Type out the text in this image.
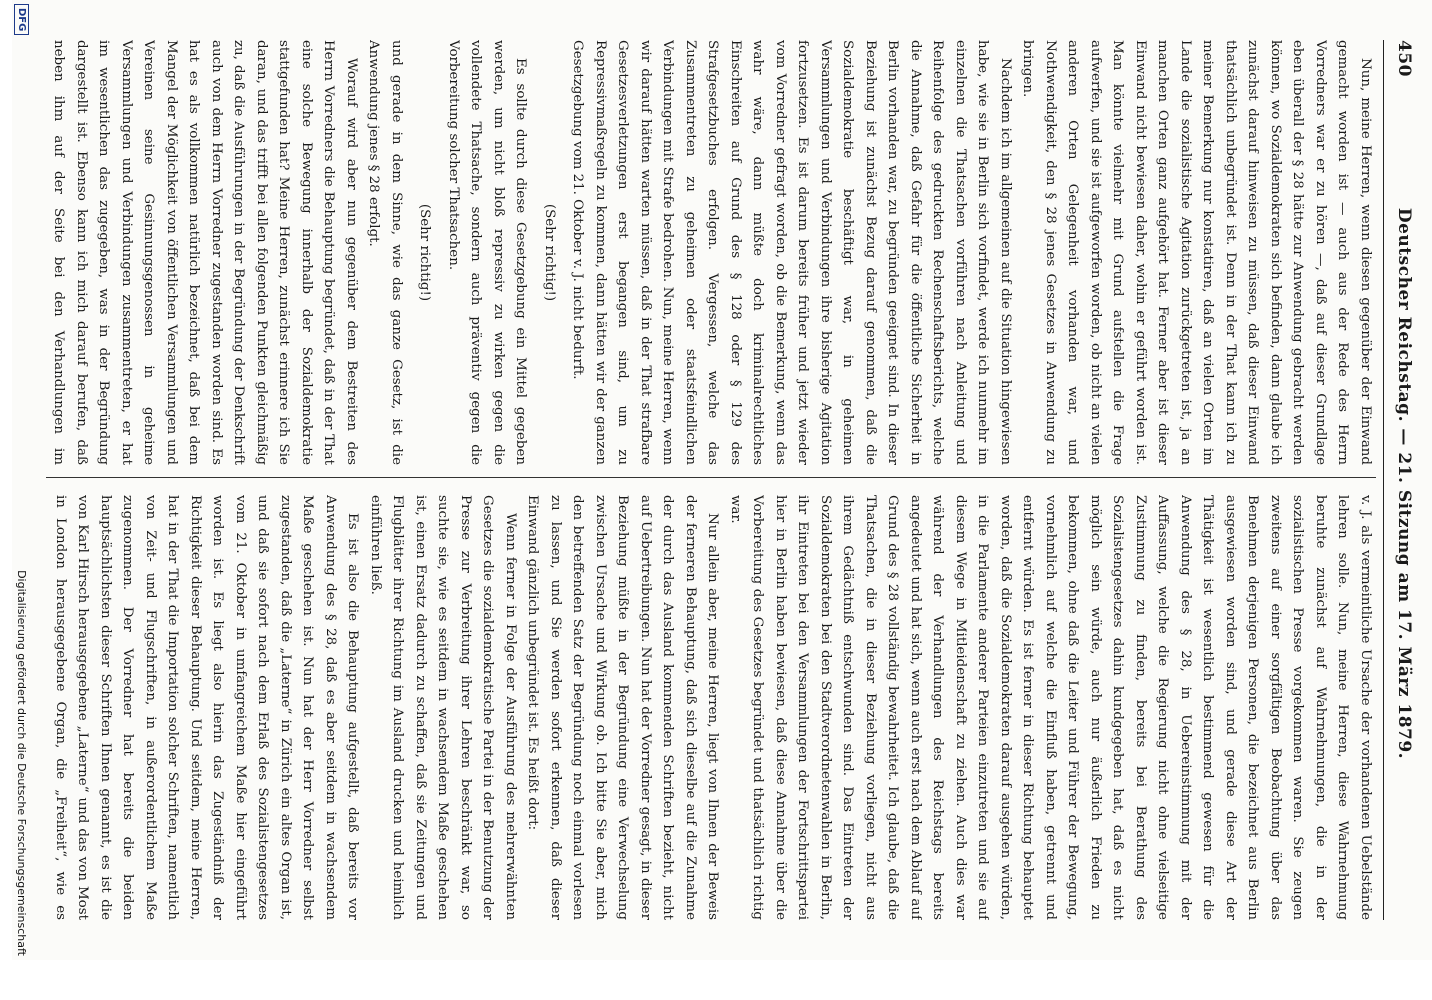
450
Deutscher Reichstag. — 21. Sitzung am 17. März 1879.

Nun, meine Herren, wenn diesen gegenüber der Einwand gemacht worden ist — auch aus der Rede des Herrn Vorredners war er zu hören —, daß auf dieser Grundlage eben überall der § 28 hätte zur Anwendung gebracht werden können, wo Sozialdemokraten sich befinden, dann glaube ich zunächst darauf hinweisen zu müssen, daß dieser Einwand thatsächlich unbegründet ist. Denn in der That kann ich zu meiner Bemerkung nur konstatiren, daß an vielen Orten im Lande die sozialistische Agitation zurückgetreten ist, ja an manchen Orten ganz aufgehört hat. Ferner aber ist dieser Einwand nicht bewiesen daher, wohin er geführt worden ist. Man könnte vielmehr mit Grund aufstellen die Frage aufwerfen, und sie ist aufgeworfen worden, ob nicht an vielen anderen Orten Gelegenheit vorhanden war, und Nothwendigkeit, den § 28 jenes Gesetzes in Anwendung zu bringen.

Nachdem ich im allgemeinen auf die Situation hingewiesen habe, wie sie in Berlin sich vorfindet, werde ich nunmehr im einzelnen die Thatsachen vorführen nach Anleitung und Reihenfolge des gedruckten Rechenschaftsberichts, welche die Annahme, daß Gefahr für die öffentliche Sicherheit in Berlin vorhanden war, zu begründen geeignet sind. In dieser Beziehung ist zunächst Bezug darauf genommen, daß die Sozialdemokratie beschäftigt war, in geheimen Versammlungen und Verbindungen ihre bisherige Agitation fortzusetzen. Es ist darum bereits früher und jetzt wieder vom Vorredner gefragt worden, ob die Bemerkung, wenn das wahr wäre, dann müßte doch kriminalrechtliches Einschreiten auf Grund des § 128 oder § 129 des Strafgesetzbuches erfolgen. Vergessen, welche das Zusammentreten zu geheimen oder staatsfeindlichen Verbindungen mit Strafe bedrohen. Nun, meine Herren, wenn wir darauf hätten warten müssen, daß in der That strafbare Gesetzesverletzungen erst begangen sind, um zu Repressivmaßregeln zu kommen, dann hätten wir der ganzen Gesetzgebung vom 21. Oktober v. J. nicht bedurft.

(Sehr richtig!)

Es sollte durch diese Gesetzgebung ein Mittel gegeben werden, um nicht bloß repressiv zu wirken gegen die vollendete Thatsache, sondern auch präventiv gegen die Vorbereitung solcher Thatsachen.

(Sehr richtig!)

und gerade in dem Sinne, wie das ganze Gesetz, ist die Anwendung jenes § 28 erfolgt.

Worauf wird aber nun gegenüber dem Bestreiten des Herrn Vorredners die Behauptung begründet, daß in der That eine solche Bewegung innerhalb der Sozialdemokratie stattgefunden hat? Meine Herren, zunächst erinnere ich Sie daran, und das trifft bei allen folgenden Punkten gleichmäßig zu, daß die Ausführungen in der Begründung der Denkschrift auch von dem Herrn Vorredner zugestanden worden sind. Es hat es als vollkommen natürlich bezeichnet, daß bei dem Mangel der Möglichkeit von öffentlichen Versammlungen und Vereinen seine Gesinnungsgenossen in geheime Versammlungen und Verbindungen zusammentreten, er hat im wesentlichen das zugegeben, was in der Begründung dargestellt ist. Ebenso kann ich mich darauf berufen, daß neben ihm auf der Seite bei den Verhandlungen im

v. J. als vermeintliche Ursache der vorhandenen Uebelstände lehren solle. Nun, meine Herren, diese Wahrnehmung beruhte zunächst auf Wahrnehmungen, die in der sozialistischen Presse vorgekommen waren. Sie zeugen zweitens auf einer sorgfältigen Beobachtung über das Benehmen derjenigen Personen, die bezeichnet aus Berlin ausgewiesen worden sind, und gerade diese Art der Thätigkeit ist wesentlich bestimmend gewesen für die Anwendung des § 28, in Uebereinstimmung mit der Auffassung, welche die Regierung nicht ohne vielseitige Zustimmung zu finden, bereits bei Berathung des Sozialistengesetzes dahin kundgegeben hat, daß es nicht möglich sein würde, auch nur äußerlich Frieden zu bekommen, ohne daß die Leiter und Führer der Bewegung, vornehmlich auf welche die Einfluß haben, getrennt und entfernt würden. Es ist ferner in dieser Richtung behauptet worden, daß die Sozialdemokraten darauf ausgehen würden, in die Parlamente anderer Parteien einzutreten und sie auf diesem Wege in Mitleidenschaft zu ziehen. Auch dies war während der Verhandlungen des Reichstags bereits angedeutet und hat sich, wenn auch erst nach dem Ablauf auf Grund des § 28 vollständig bewahrheitet. Ich glaube, daß die Thatsachen, die in dieser Beziehung vorliegen, nicht aus ihrem Gedächtniß entschwunden sind. Das Eintreten der Sozialdemokraten bei den Stadtverordnetenwahlen in Berlin, ihr Eintreten bei den Versammlungen der Fortschrittspartei hier in Berlin haben bewiesen, daß diese Annahme über die Vorbereitung des Gesetzes begründet und thatsächlich richtig war.

Nur allein aber, meine Herren, liegt von Ihnen der Beweis der ferneren Behauptung, daß sich dieselbe auf die Zunahme der durch das Ausland kommenden Schriften bezieht, nicht auf Uebertreibungen. Nun hat der Vorredner gesagt, in dieser Beziehung müßte in der Begründung eine Verwechselung zwischen Ursache und Wirkung ob. Ich bitte Sie aber, mich den betreffenden Satz der Begründung noch einmal vorlesen zu lassen, und Sie werden sofort erkennen, daß dieser Einwand gänzlich unbegründet ist. Es heißt dort:

Wenn ferner in Folge der Ausführung des mehrerwähnten Gesetzes die sozialdemokratische Partei in der Benutzung der Presse zur Verbreitung ihrer Lehren beschränkt war, so suchte sie, wie es seitdem in wachsendem Maße geschehen ist, einen Ersatz dadurch zu schaffen, daß sie Zeitungen und Flugblätter ihrer Richtung im Ausland drucken und heimlich einführen ließ.

Es ist also die Behauptung aufgestellt, daß bereits vor Anwendung des § 28, daß es aber seitdem in wachsendem Maße geschehen ist. Nun hat der Herr Vorredner selbst zugestanden, daß die „Laterne“ in Zürich ein altes Organ ist, und daß sie sofort nach dem Erlaß des Sozialistengesetzes vom 21. Oktober in umfangreichem Maße hier eingeführt worden ist. Es liegt also hierin das Zugeständniß der Richtigkeit dieser Behauptung. Und seitdem, meine Herren, hat in der That die Importation solcher Schriften, namentlich von Zeit- und Flugschriften, in außerordentlichem Maße zugenommen. Der Vorredner hat bereits die beiden hauptsächlichsten dieser Schriften Ihnen genannt, es ist die von Karl Hirsch herausgegebene „Laterne“ und das von Most in London herausgegebene Organ, die „Freiheit“, wie es

DFG
Digitalisierung gefördert durch die Deutsche Forschungsgemeinschaft
